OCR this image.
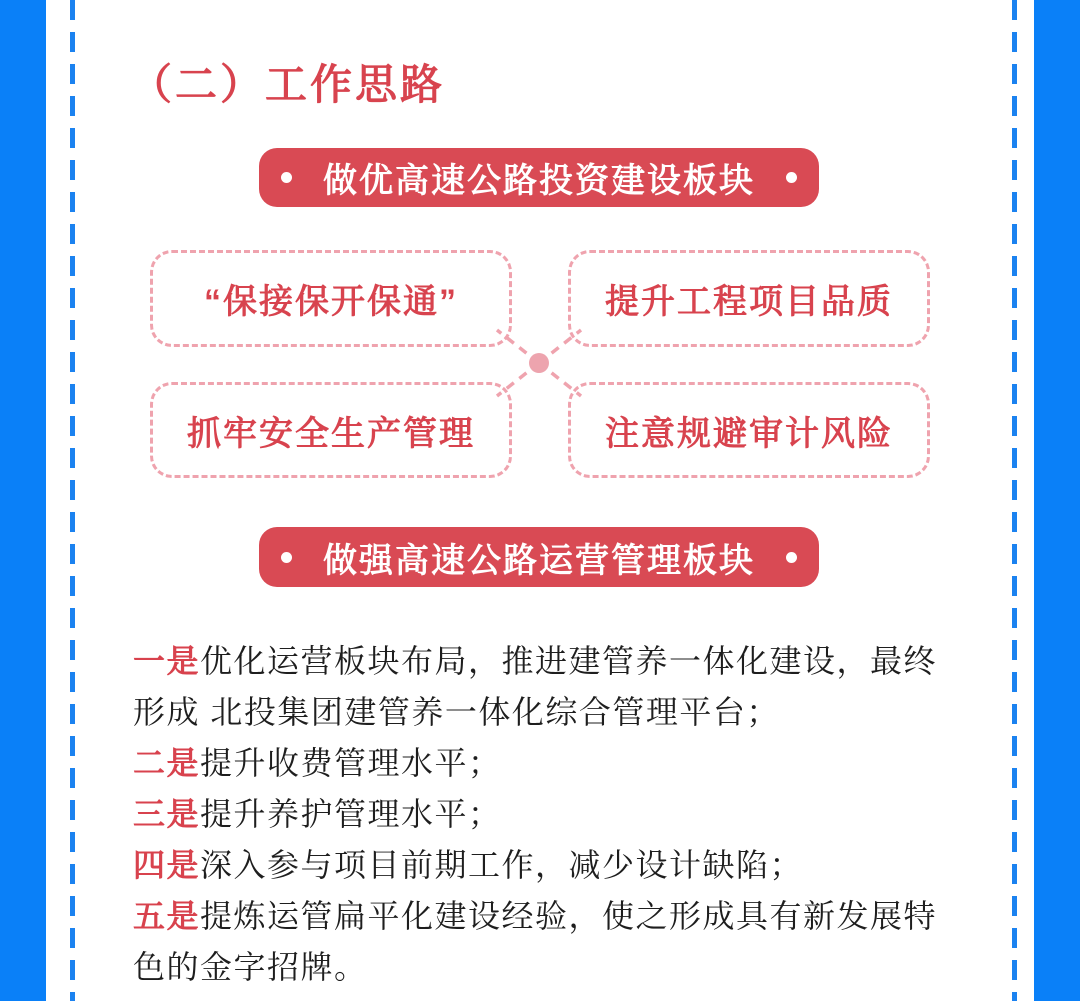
（二）工作思路
做优高速公路投资建设板块
“保接保开保通”	提升工程项目品质
抓牢安全生产管理	注意规避审计风险
做强高速公路运营管理板块

一是优化运营板块布局，推进建管养一体化建设，最终形成 北投集团建管养一体化综合管理平台；

二是提升收费管理水平；

三是提升养护管理水平；

四是深入参与项目前期工作，减少设计缺陷；

五是提炼运管扁平化建设经验，使之形成具有新发展特色的金字招牌。
